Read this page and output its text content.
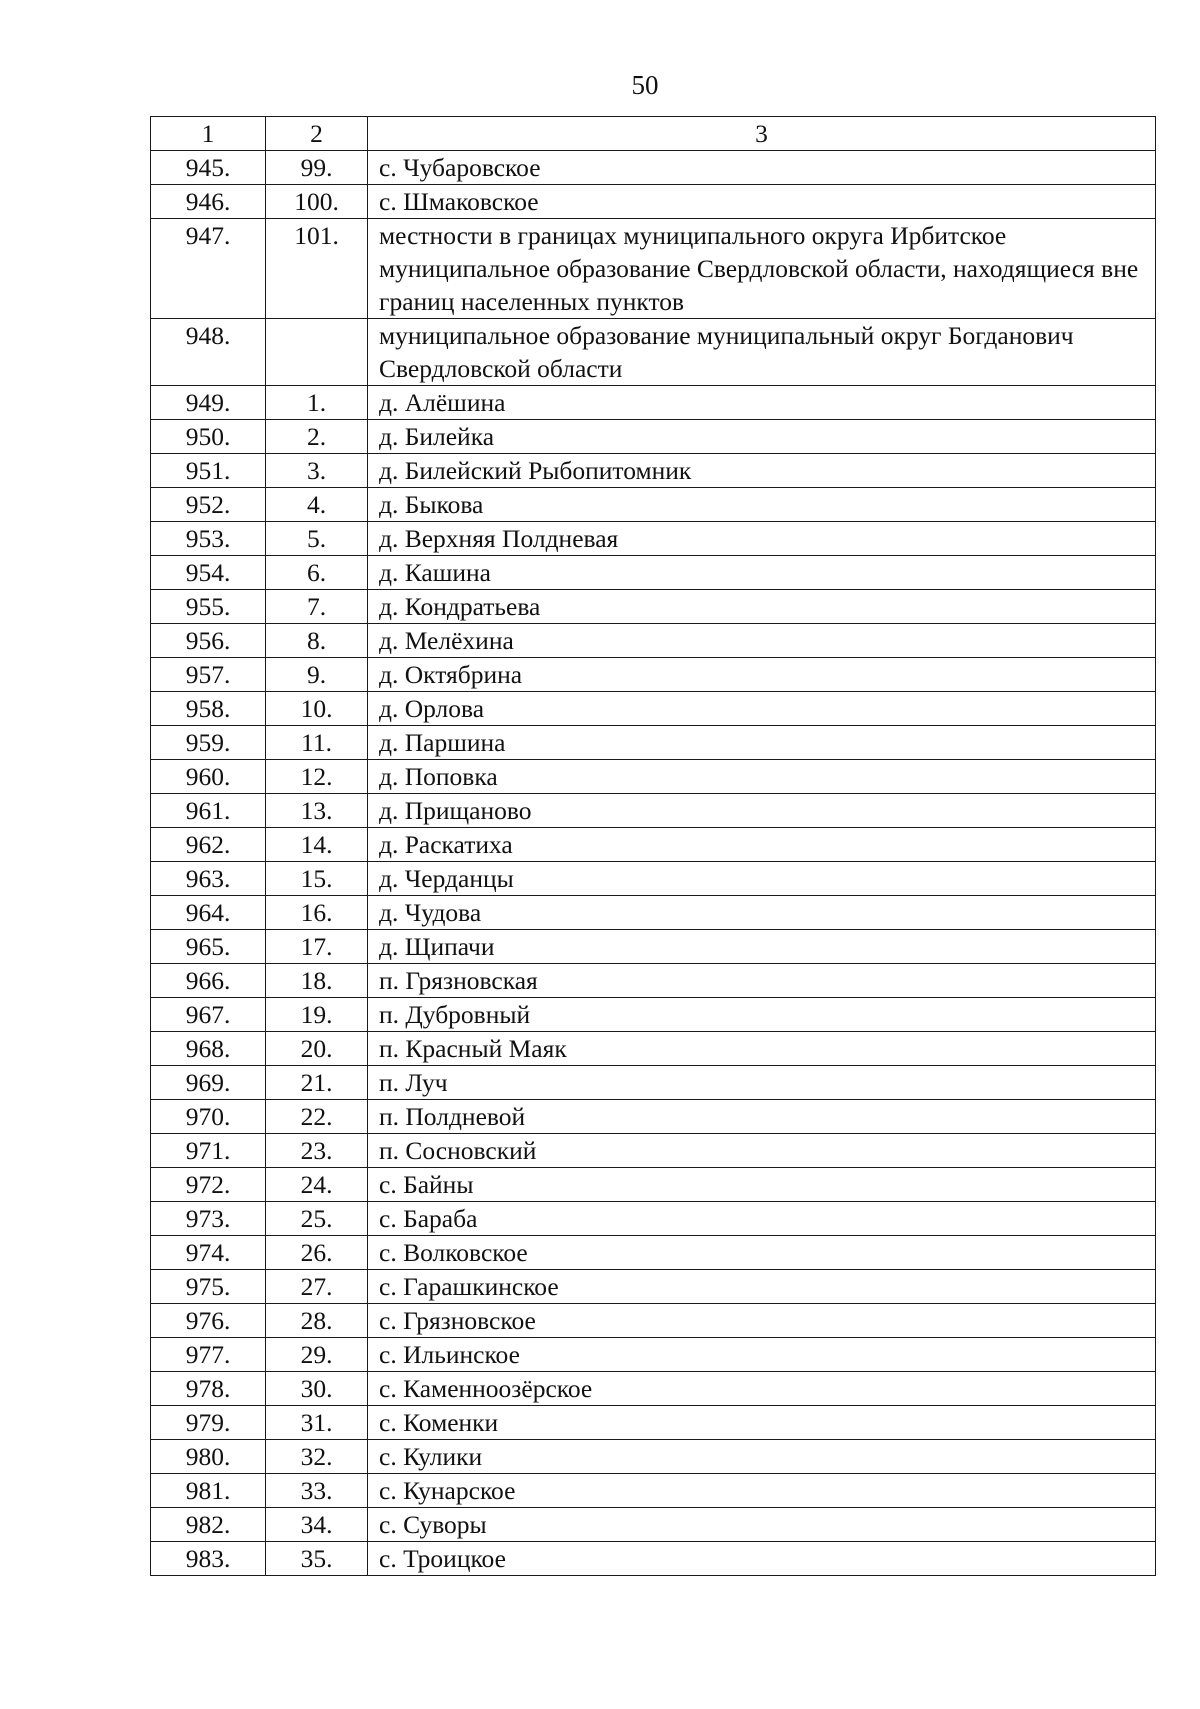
50
1	2	3
945.	99.	с. Чубаровское
946.	100.	с. Шмаковское
947.	101.	местности в границах муниципального округа Ирбитское муниципальное образование Свердловской области, находящиеся вне границ населенных пунктов
948.		муниципальное образование муниципальный округ Богданович Свердловской области
949.	1.	д. Алёшина
950.	2.	д. Билейка
951.	3.	д. Билейский Рыбопитомник
952.	4.	д. Быкова
953.	5.	д. Верхняя Полдневая
954.	6.	д. Кашина
955.	7.	д. Кондратьева
956.	8.	д. Мелёхина
957.	9.	д. Октябрина
958.	10.	д. Орлова
959.	11.	д. Паршина
960.	12.	д. Поповка
961.	13.	д. Прищаново
962.	14.	д. Раскатиха
963.	15.	д. Черданцы
964.	16.	д. Чудова
965.	17.	д. Щипачи
966.	18.	п. Грязновская
967.	19.	п. Дубровный
968.	20.	п. Красный Маяк
969.	21.	п. Луч
970.	22.	п. Полдневой
971.	23.	п. Сосновский
972.	24.	с. Байны
973.	25.	с. Бараба
974.	26.	с. Волковское
975.	27.	с. Гарашкинское
976.	28.	с. Грязновское
977.	29.	с. Ильинское
978.	30.	с. Каменноозёрское
979.	31.	с. Коменки
980.	32.	с. Кулики
981.	33.	с. Кунарское
982.	34.	с. Суворы
983.	35.	с. Троицкое
